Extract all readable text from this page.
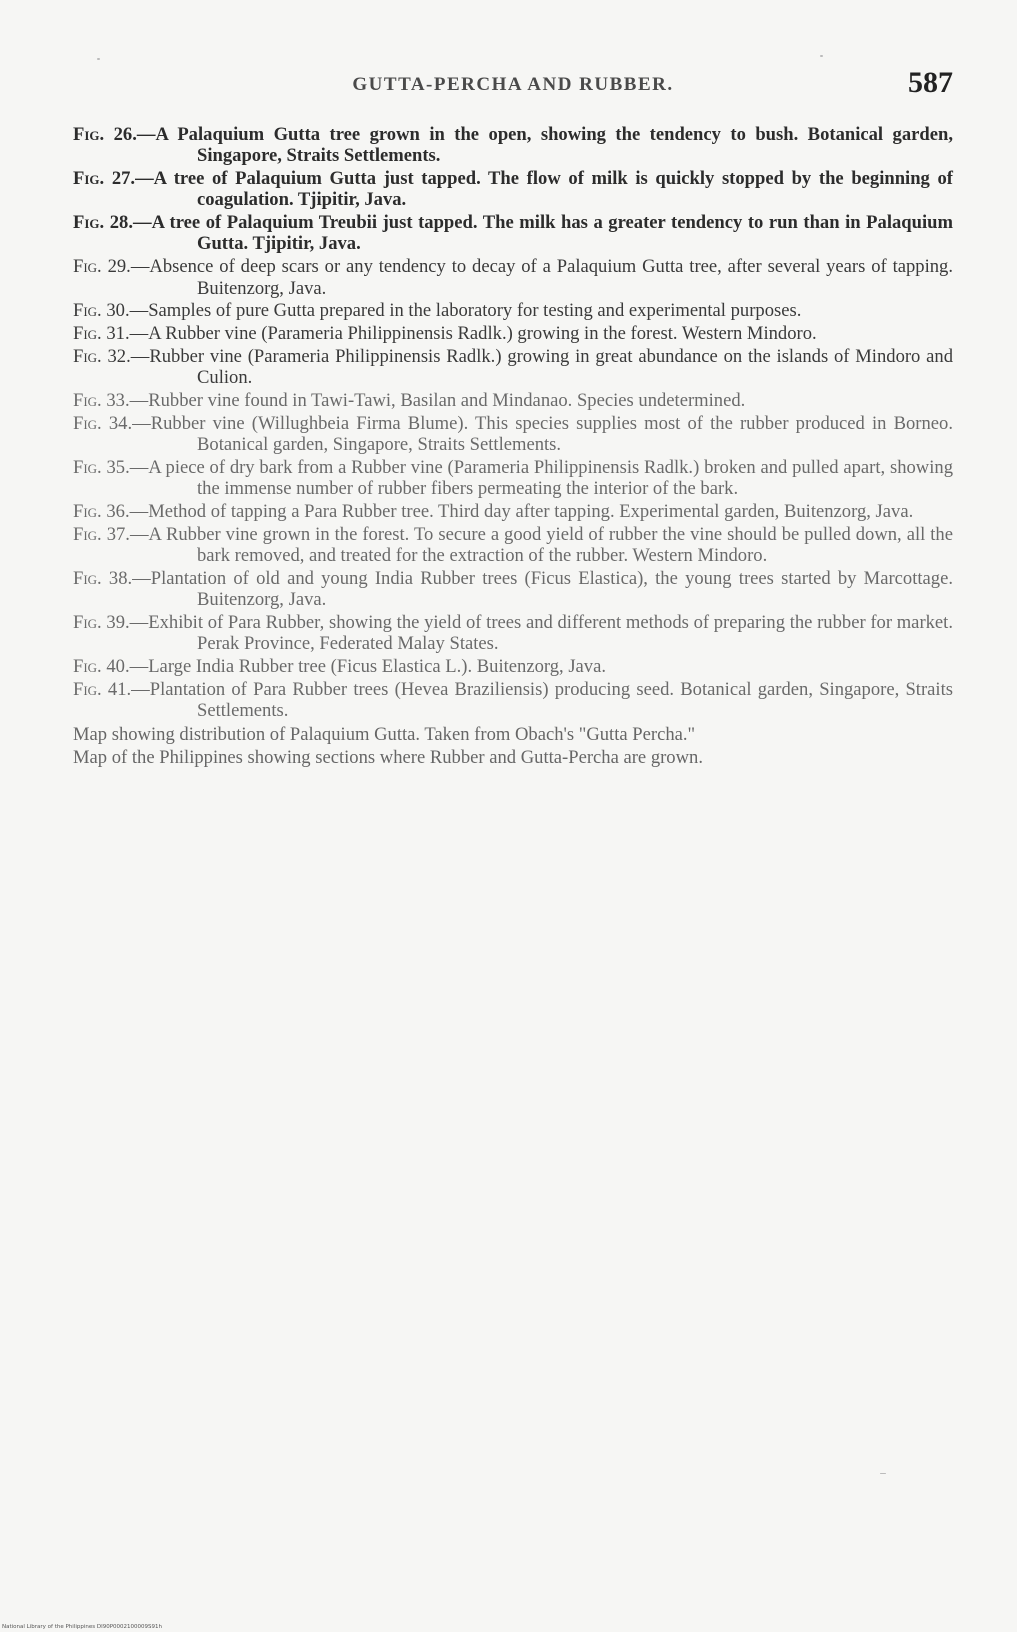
GUTTA-PERCHA AND RUBBER.	587

Fig. 26.—A Palaquium Gutta tree grown in the open, showing the tendency to bush. Botanical garden, Singapore, Straits Settlements.

Fig. 27.—A tree of Palaquium Gutta just tapped. The flow of milk is quickly stopped by the beginning of coagulation. Tjipitir, Java.

Fig. 28.—A tree of Palaquium Treubii just tapped. The milk has a greater tendency to run than in Palaquium Gutta. Tjipitir, Java.

Fig. 29.—Absence of deep scars or any tendency to decay of a Palaquium Gutta tree, after several years of tapping. Buitenzorg, Java.

Fig. 30.—Samples of pure Gutta prepared in the laboratory for testing and experimental purposes.

Fig. 31.—A Rubber vine (Parameria Philippinensis Radlk.) growing in the forest. Western Mindoro.

Fig. 32.—Rubber vine (Parameria Philippinensis Radlk.) growing in great abundance on the islands of Mindoro and Culion.

Fig. 33.—Rubber vine found in Tawi-Tawi, Basilan and Mindanao. Species undetermined.

Fig. 34.—Rubber vine (Willughbeia Firma Blume). This species supplies most of the rubber produced in Borneo. Botanical garden, Singapore, Straits Settlements.

Fig. 35.—A piece of dry bark from a Rubber vine (Parameria Philippinensis Radlk.) broken and pulled apart, showing the immense number of rubber fibers permeating the interior of the bark.

Fig. 36.—Method of tapping a Para Rubber tree. Third day after tapping. Experimental garden, Buitenzorg, Java.

Fig. 37.—A Rubber vine grown in the forest. To secure a good yield of rubber the vine should be pulled down, all the bark removed, and treated for the extraction of the rubber. Western Mindoro.

Fig. 38.—Plantation of old and young India Rubber trees (Ficus Elastica), the young trees started by Marcottage. Buitenzorg, Java.

Fig. 39.—Exhibit of Para Rubber, showing the yield of trees and different methods of preparing the rubber for market. Perak Province, Federated Malay States.

Fig. 40.—Large India Rubber tree (Ficus Elastica L.). Buitenzorg, Java.

Fig. 41.—Plantation of Para Rubber trees (Hevea Braziliensis) producing seed. Botanical garden, Singapore, Straits Settlements.

Map showing distribution of Palaquium Gutta. Taken from Obach's "Gutta Percha."

Map of the Philippines showing sections where Rubber and Gutta-Percha are grown.

National Library of the Philippines DI90P0002100009S91h
